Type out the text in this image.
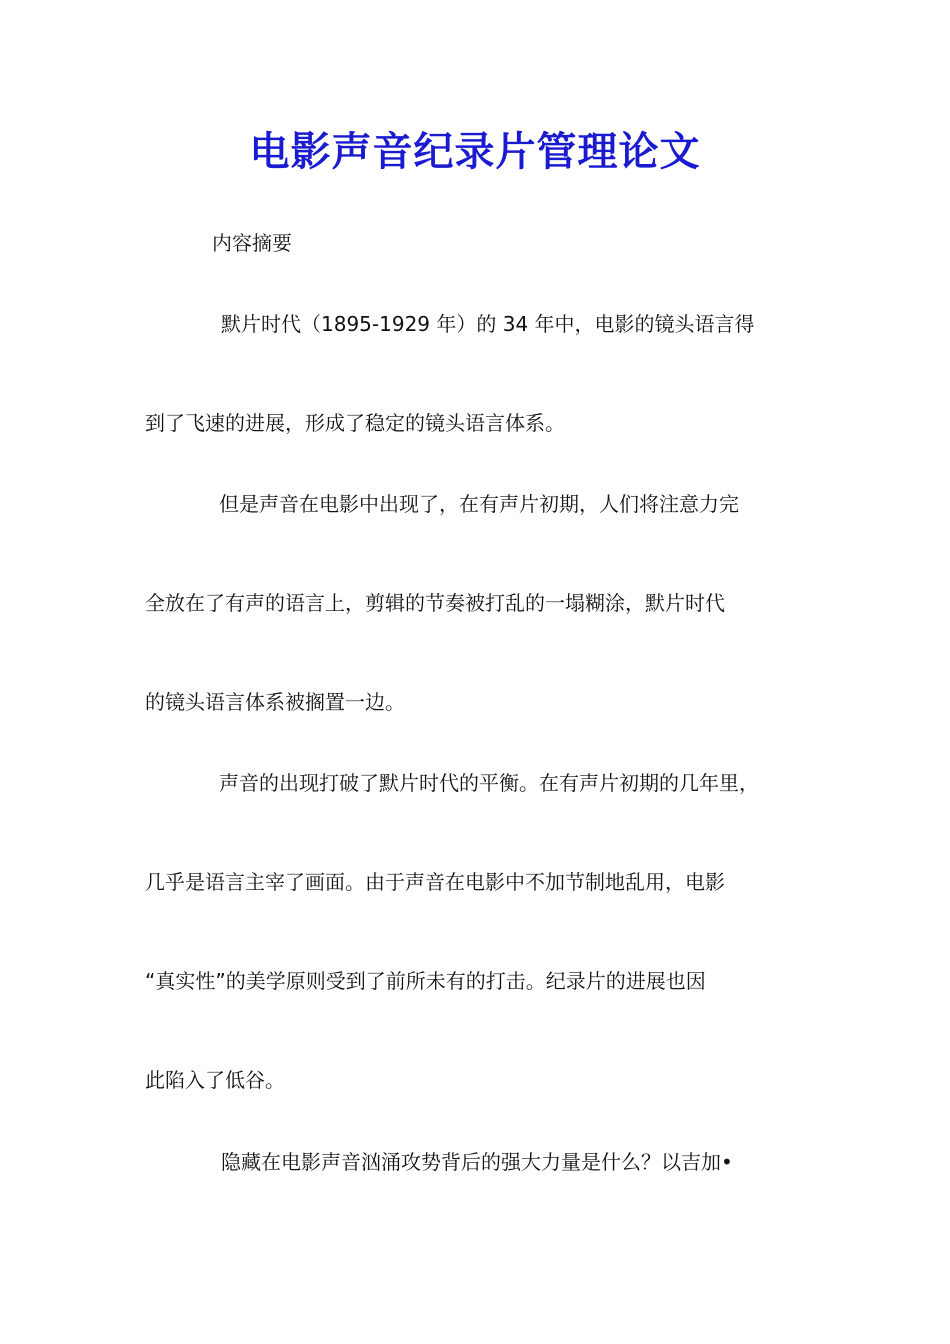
电影声音纪录片管理论文
内容摘要
默片时代（1895-1929 年）的 34 年中，电影的镜头语言得
到了飞速的进展，形成了稳定的镜头语言体系。
但是声音在电影中出现了，在有声片初期，人们将注意力完
全放在了有声的语言上，剪辑的节奏被打乱的一塌糊涂，默片时代
的镜头语言体系被搁置一边。
声音的出现打破了默片时代的平衡。在有声片初期的几年里，
几乎是语言主宰了画面。由于声音在电影中不加节制地乱用，电影
“真实性”的美学原则受到了前所未有的打击。纪录片的进展也因
此陷入了低谷。
隐藏在电影声音汹涌攻势背后的强大力量是什么？以吉加•
